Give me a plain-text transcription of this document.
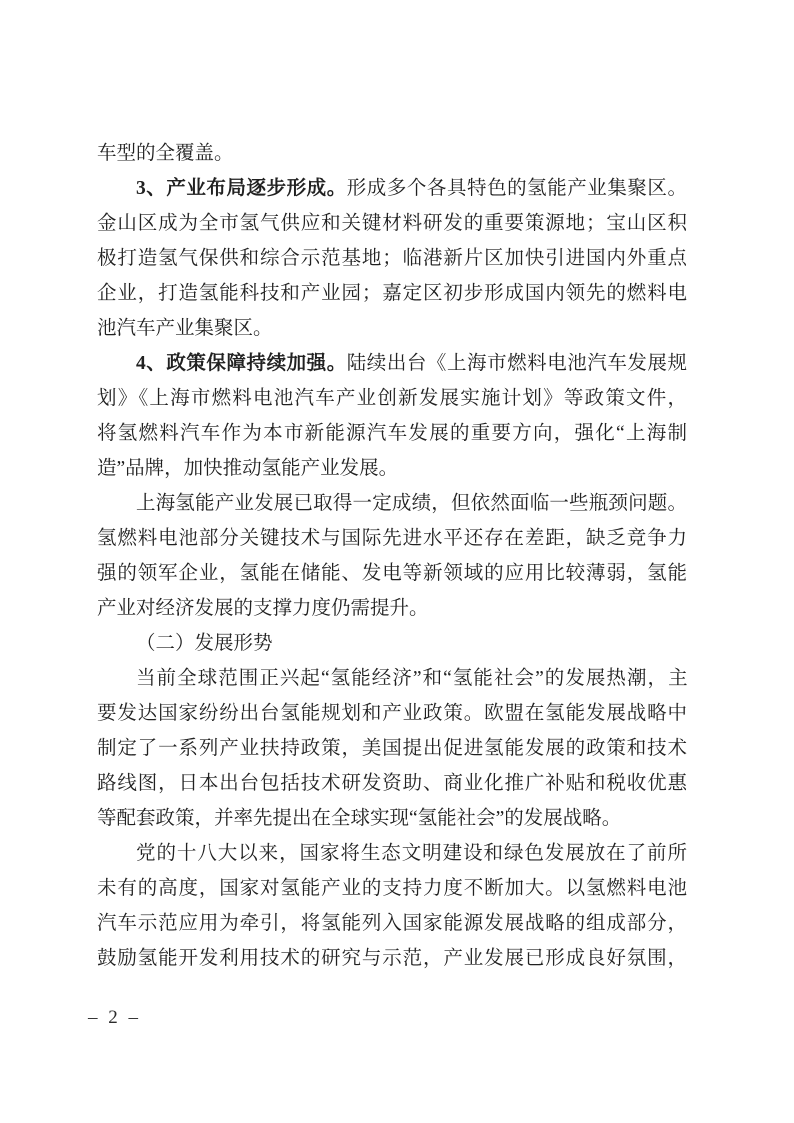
车型的全覆盖。
3、产业布局逐步形成。形成多个各具特色的氢能产业集聚区。
金山区成为全市氢气供应和关键材料研发的重要策源地；宝山区积
极打造氢气保供和综合示范基地；临港新片区加快引进国内外重点
企业，打造氢能科技和产业园；嘉定区初步形成国内领先的燃料电
池汽车产业集聚区。
4、政策保障持续加强。陆续出台《上海市燃料电池汽车发展规
划》《上海市燃料电池汽车产业创新发展实施计划》等政策文件，
将氢燃料汽车作为本市新能源汽车发展的重要方向，强化“上海制
造”品牌，加快推动氢能产业发展。
上海氢能产业发展已取得一定成绩，但依然面临一些瓶颈问题。
氢燃料电池部分关键技术与国际先进水平还存在差距，缺乏竞争力
强的领军企业，氢能在储能、发电等新领域的应用比较薄弱，氢能
产业对经济发展的支撑力度仍需提升。
（二）发展形势
当前全球范围正兴起“氢能经济”和“氢能社会”的发展热潮，主
要发达国家纷纷出台氢能规划和产业政策。欧盟在氢能发展战略中
制定了一系列产业扶持政策，美国提出促进氢能发展的政策和技术
路线图，日本出台包括技术研发资助、商业化推广补贴和税收优惠
等配套政策，并率先提出在全球实现“氢能社会”的发展战略。
党的十八大以来，国家将生态文明建设和绿色发展放在了前所
未有的高度，国家对氢能产业的支持力度不断加大。以氢燃料电池
汽车示范应用为牵引，将氢能列入国家能源发展战略的组成部分，
鼓励氢能开发利用技术的研究与示范，产业发展已形成良好氛围，
– 2 –
